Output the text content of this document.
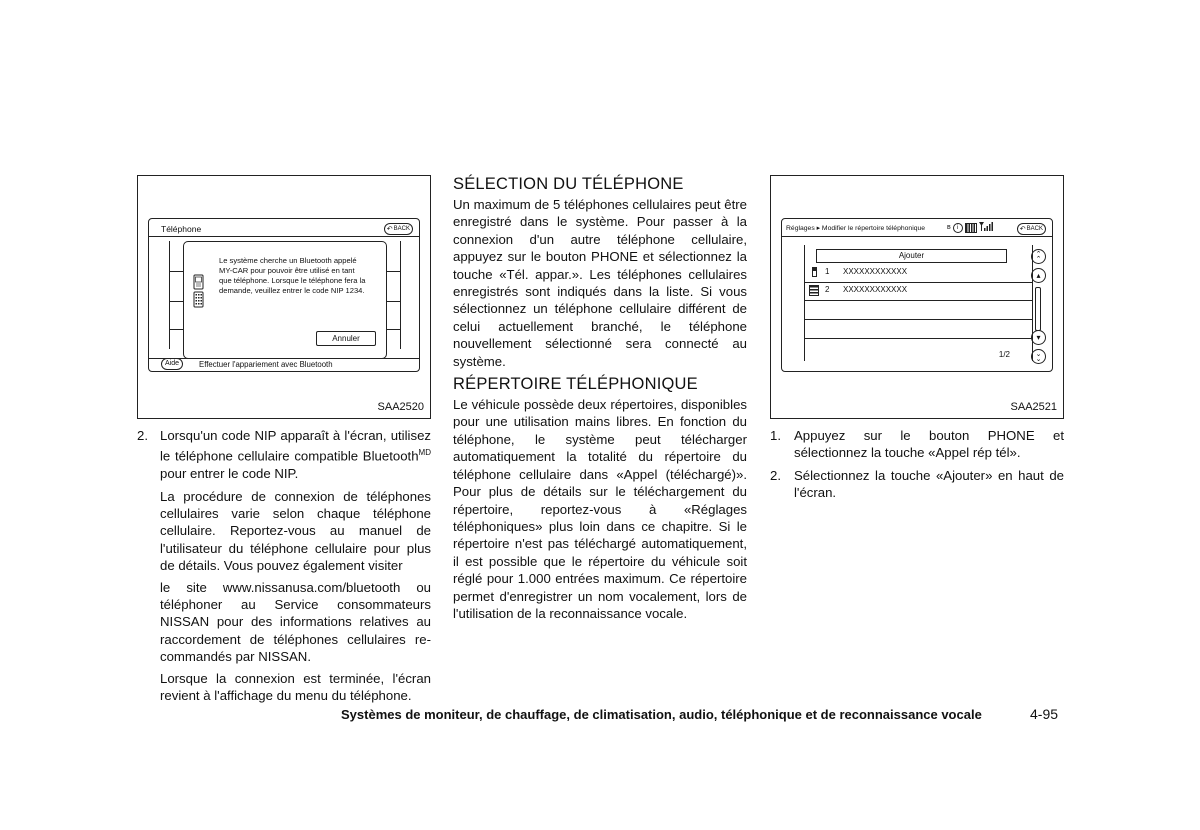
Téléphone	↶ BACK
Le système cherche un Bluetooth appelé MY-CAR pour pouvoir être utilisé en tant que téléphone. Lorsque le téléphone fera la demande, veuillez entrer le code NIP 1234.
Annuler
Aide	Effectuer l'appariement avec Bluetooth
SAA2520
2. Lorsqu'un code NIP apparaît à l'écran, utilisez le téléphone cellulaire compatible Bluetooth$^{MD}$ pour entrer le code NIP.
La procédure de connexion de téléphones cellulaires varie selon chaque téléphone cellulaire. Reportez-vous au manuel de l'utilisateur du téléphone cellulaire pour plus de détails. Vous pouvez également visiter
le site www.nissanusa.com/bluetooth ou téléphoner au Service consommateurs NISSAN pour des informations relatives au raccordement de téléphones cellulaires re-commandés par NISSAN.
Lorsque la connexion est terminée, l'écran revient à l'affichage du menu du téléphone.
SÉLECTION DU TÉLÉPHONE
Un maximum de 5 téléphones cellulaires peut être enregistré dans le système. Pour passer à la connexion d'un autre téléphone cellulaire, appuyez sur le bouton PHONE et sélectionnez la touche «Tél. appar.». Les téléphones cellulaires enregistrés sont indiqués dans la liste. Si vous sélectionnez un téléphone cellulaire différent de celui actuellement branché, le téléphone nouvellement sélectionné sera connecté au système.
RÉPERTOIRE TÉLÉPHONIQUE
Le véhicule possède deux répertoires, disponibles pour une utilisation mains libres. En fonction du téléphone, le système peut télécharger automatiquement la totalité du répertoire du téléphone cellulaire dans «Appel (téléchargé)». Pour plus de détails sur le téléchargement du répertoire, reportez-vous à «Réglages téléphoniques» plus loin dans ce chapitre. Si le répertoire n'est pas téléchargé automatiquement, il est possible que le répertoire du véhicule soit réglé pour 1.000 entrées maximum. Ce répertoire permet d'enregistrer un nom vocalement, lors de l'utilisation de la reconnaissance vocale.
Réglages ▸ Modifier le répertoire téléphonique	ʙ	i	↶ BACK
Ajouter
1 XXXXXXXXXXXX
2 XXXXXXXXXXXX
1/2
⌃
⌃
▴
▾
⌄
⌄
SAA2521
1. Appuyez sur le bouton PHONE et sélectionnez la touche «Appel rép tél».
2. Sélectionnez la touche «Ajouter» en haut de l'écran.
Systèmes de moniteur, de chauffage, de climatisation, audio, téléphonique et de reconnaissance vocale	4-95
